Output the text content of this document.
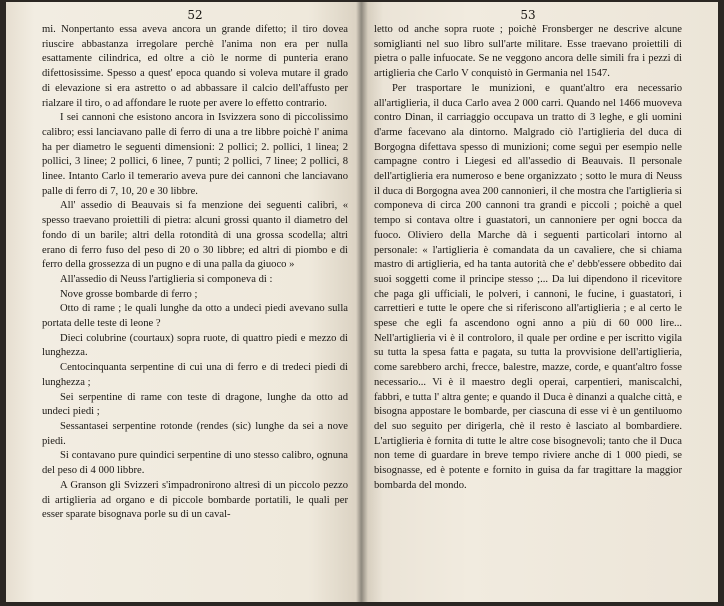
52

mi. Nonpertanto essa aveva ancora un grande difetto; il tiro dovea riuscire abbastanza irregolare perchè l'anima non era per nulla esattamente cilindrica, ed oltre a ciò le norme di punteria erano difettosissime. Spesso a quest' epoca quando si voleva mutare il grado di elevazione si era astretto o ad abbassare il calcio dell'affusto per rialzare il tiro, o ad affondare le ruote per avere lo effetto contrario.

I sei cannoni che esistono ancora in Isvizzera sono di piccolissimo calibro; essi lanciavano palle di ferro di una a tre libbre poichè l' anima ha per diametro le seguenti dimensioni: 2 pollici; 2. pollici, 1 linea; 2 pollici, 3 linee; 2 pollici, 6 linee, 7 punti; 2 pollici, 7 linee; 2 pollici, 8 linee. Intanto Carlo il temerario aveva pure dei cannoni che lanciavano palle di ferro di 7, 10, 20 e 30 libbre.

All' assedio di Beauvais si fa menzione dei seguenti calibri, « spesso traevano proiettili di pietra: alcuni grossi quanto il diametro del fondo di un barile; altri della rotondità di una grossa scodella; altri erano di ferro fuso del peso di 20 o 30 libbre; ed altri di piombo e di ferro della grossezza di un pugno e di una palla da giuoco »

All'assedio di Neuss l'artiglieria si componeva di :

Nove grosse bombarde di ferro ;

Otto di rame ; le quali lunghe da otto a undeci piedi avevano sulla portata delle teste di leone ?

Dieci colubrine (courtaux) sopra ruote, di quattro piedi e mezzo di lunghezza.

Centocinquanta serpentine di cui una di ferro e di tredeci piedi di lunghezza ;

Sei serpentine di rame con teste di dragone, lunghe da otto ad undeci piedi ;

Sessantasei serpentine rotonde (rendes (sic) lunghe da sei a nove piedi.

Si contavano pure quindici serpentine di uno stesso calibro, ognuna del peso di 4 000 libbre.

A Granson gli Svizzeri s'impadronirono altresì di un piccolo pezzo di artiglieria ad organo e di piccole bombarde portatili, le quali per esser sparate bisognava porle su di un caval-

53

letto od anche sopra ruote ; poichè Fronsberger ne descrive alcune somiglianti nel suo libro sull'arte militare. Esse traevano proiettili di pietra o palle infuocate. Se ne veggono ancora delle simili fra i pezzi di artiglieria che Carlo V conquistò in Germania nel 1547.

Per trasportare le munizioni, e quant'altro era necessario all'artiglieria, il duca Carlo avea 2 000 carri. Quando nel 1466 muoveva contro Dinan, il carriaggio occupava un tratto di 3 leghe, e gli uomini d'arme facevano ala dintorno. Malgrado ciò l'artiglieria del duca di Borgogna difettava spesso di munizioni; come seguì per esempio nelle campagne contro i Liegesi ed all'assedio di Beauvais. Il personale dell'artiglieria era numeroso e bene organizzato ; sotto le mura di Neuss il duca di Borgogna avea 200 cannonieri, il che mostra che l'artiglieria si componeva di circa 200 cannoni tra grandi e piccoli ; poichè a quel tempo si contava oltre i guastatori, un cannoniere per ogni bocca da fuoco. Oliviero della Marche dà i seguenti particolari intorno al personale: « l'artiglieria è comandata da un cavaliere, che si chiama mastro di artiglieria, ed ha tanta autorità che e' debb'essere obbedito dai suoi soggetti come il principe stesso ;... Da lui dipendono il ricevitore che paga gli ufficiali, le polveri, i cannoni, le fucine, i guastatori, i carrettieri e tutte le opere che si riferiscono all'artiglieria ; e al certo le spese che egli fa ascendono ogni anno a più di 60 000 lire... Nell'artiglieria vi è il controloro, il quale per ordine e per iscritto vigila su tutta la spesa fatta e pagata, su tutta la provvisione dell'artiglieria, come sarebbero archi, frecce, balestre, mazze, corde, e quant'altro fosse necessario... Vi è il maestro degli operai, carpentieri, maniscalchi, fabbri, e tutta l' altra gente; e quando il Duca è dinanzi a qualche città, e bisogna appostare le bombarde, per ciascuna di esse vi è un gentiluomo del suo seguito per dirigerla, chè il resto è lasciato al bombardiere. L'artiglieria è fornita di tutte le altre cose bisognevoli; tanto che il Duca non teme di guardare in breve tempo riviere anche di 1 000 piedi, se bisognasse, ed è potente e fornito in guisa da far tragittare la maggior bombarda del mondo.
